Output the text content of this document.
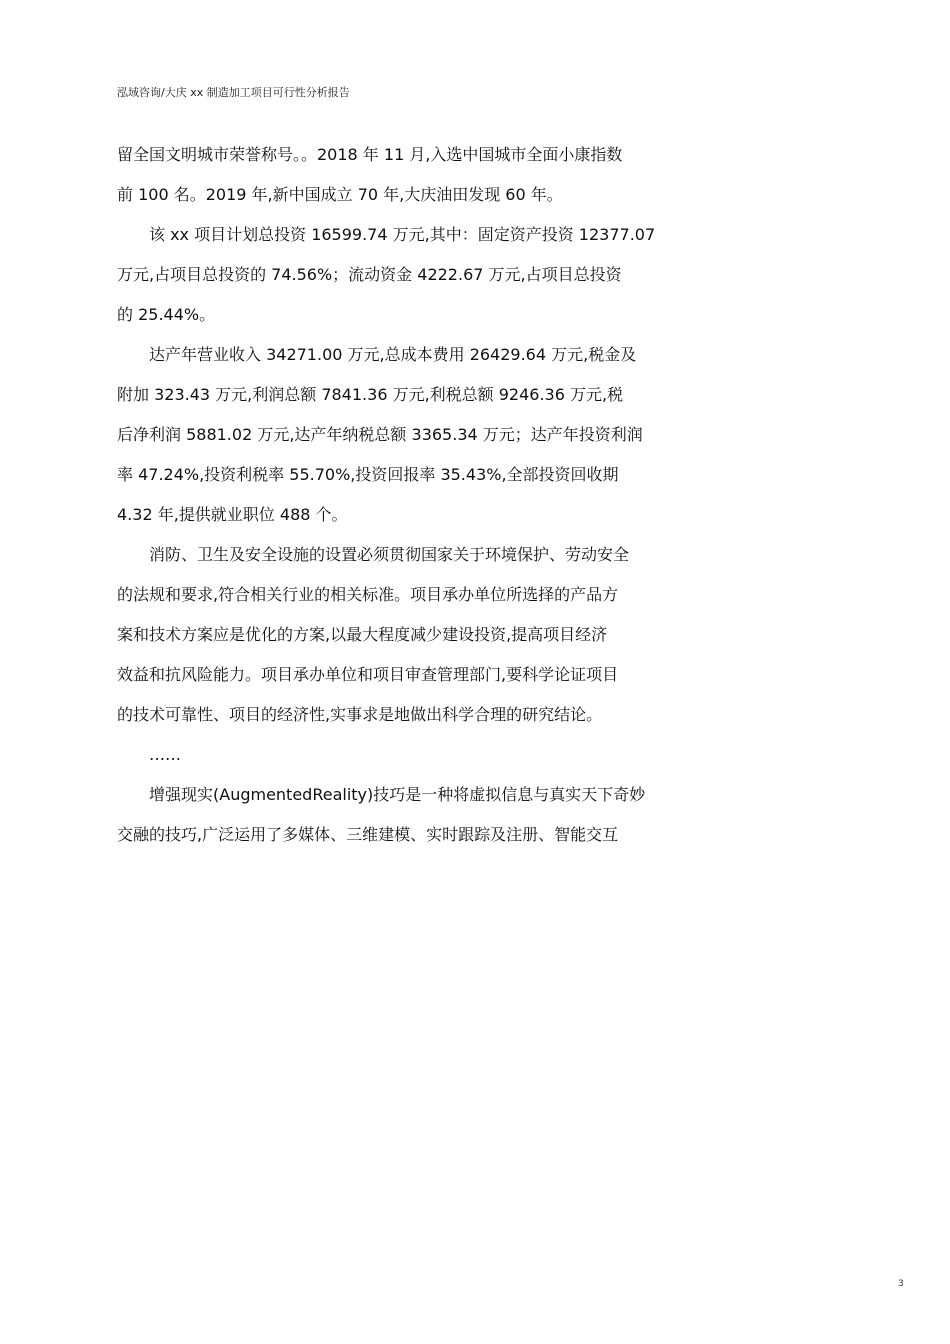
泓域咨询/大庆 xx 制造加工项目可行性分析报告
留全国文明城市荣誉称号。。2018 年 11 月,入选中国城市全面小康指数
前 100 名。2019 年,新中国成立 70 年,大庆油田发现 60 年。
该 xx 项目计划总投资 16599.74 万元,其中：固定资产投资 12377.07
万元,占项目总投资的 74.56%；流动资金 4222.67 万元,占项目总投资
的 25.44%。
达产年营业收入 34271.00 万元,总成本费用 26429.64 万元,税金及
附加 323.43 万元,利润总额 7841.36 万元,利税总额 9246.36 万元,税
后净利润 5881.02 万元,达产年纳税总额 3365.34 万元；达产年投资利润
率 47.24%,投资利税率 55.70%,投资回报率 35.43%,全部投资回收期
4.32 年,提供就业职位 488 个。
消防、卫生及安全设施的设置必须贯彻国家关于环境保护、劳动安全
的法规和要求,符合相关行业的相关标准。项目承办单位所选择的产品方
案和技术方案应是优化的方案,以最大程度减少建设投资,提高项目经济
效益和抗风险能力。项目承办单位和项目审查管理部门,要科学论证项目
的技术可靠性、项目的经济性,实事求是地做出科学合理的研究结论。
……
增强现实(AugmentedReality)技巧是一种将虚拟信息与真实天下奇妙
交融的技巧,广泛运用了多媒体、三维建模、实时跟踪及注册、智能交互
3
